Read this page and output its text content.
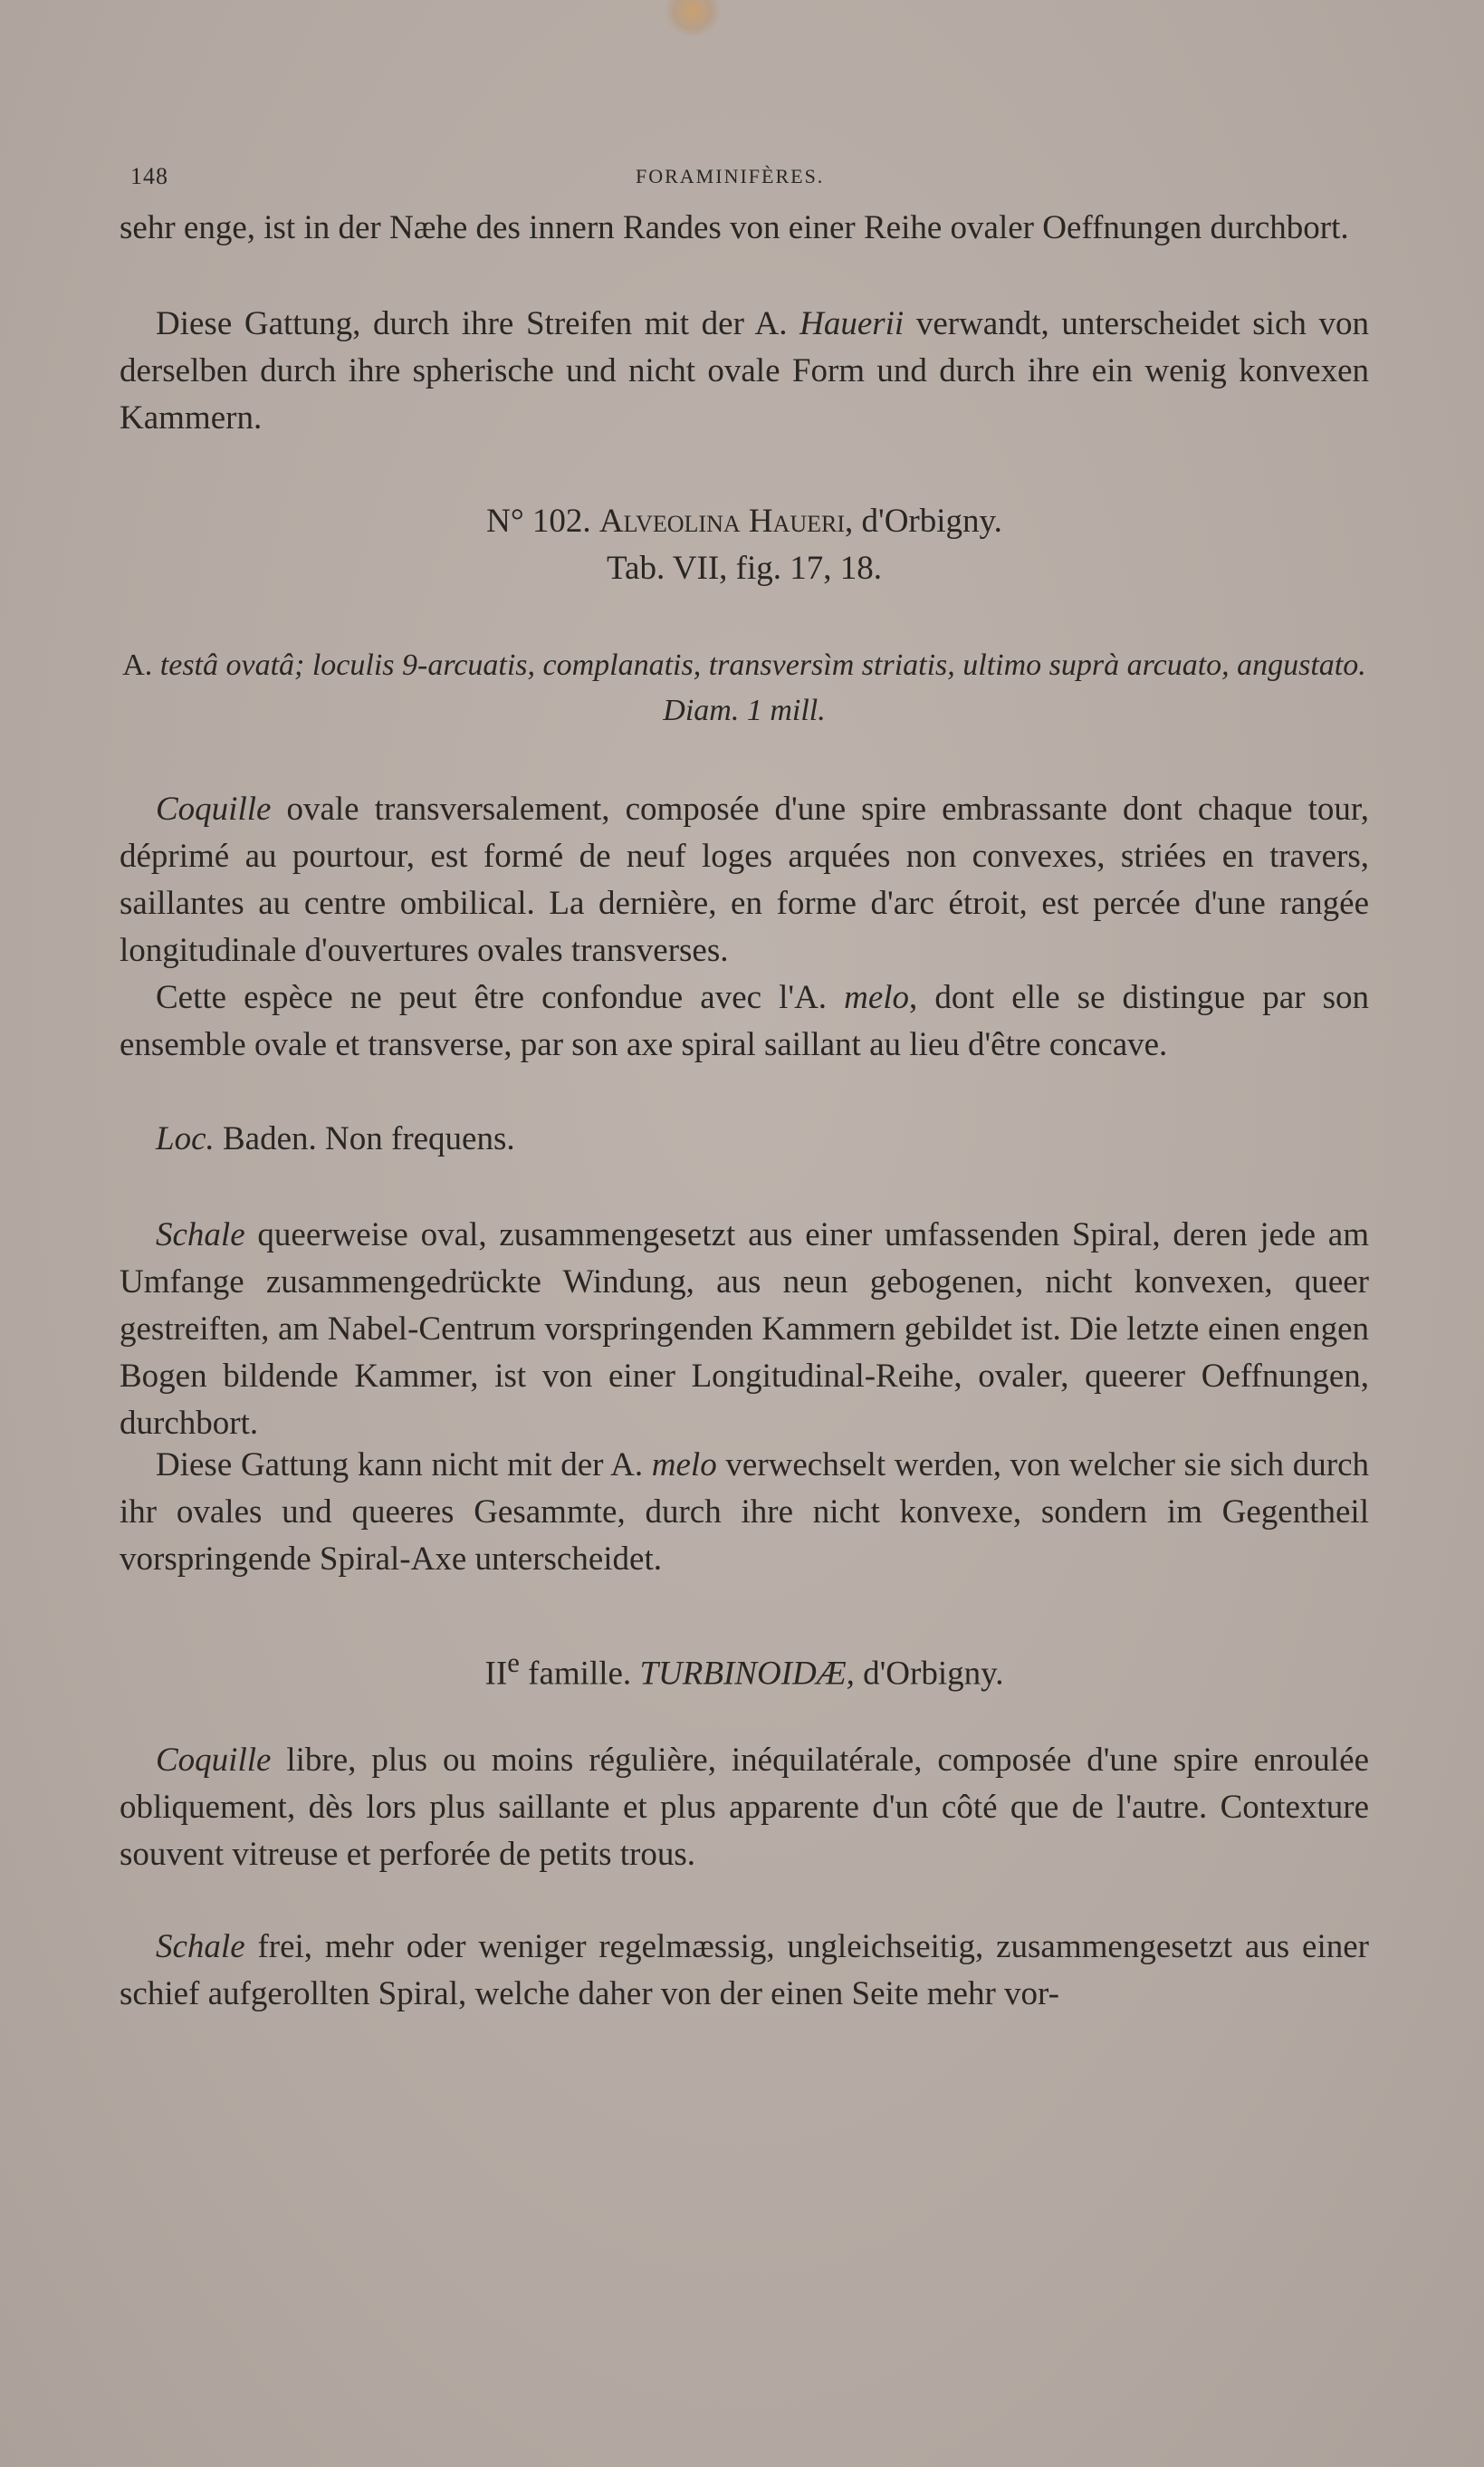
148	FORAMINIFÈRES.

sehr enge, ist in der Næhe des innern Randes von einer Reihe ovaler Oeffnungen durchbort.

Diese Gattung, durch ihre Streifen mit der A. Hauerii verwandt, unterscheidet sich von derselben durch ihre spherische und nicht ovale Form und durch ihre ein wenig konvexen Kammern.

N° 102. Alveolina Haueri, d'Orbigny.

Tab. VII, fig. 17, 18.

A. testâ ovatâ; loculis 9-arcuatis, complanatis, transversìm striatis, ultimo suprà arcuato, angustato. Diam. 1 mill.

Coquille ovale transversalement, composée d'une spire embrassante dont chaque tour, déprimé au pourtour, est formé de neuf loges arquées non convexes, striées en travers, saillantes au centre ombilical. La dernière, en forme d'arc étroit, est percée d'une rangée longitudinale d'ouvertures ovales transverses.

Cette espèce ne peut être confondue avec l'A. melo, dont elle se distingue par son ensemble ovale et transverse, par son axe spiral saillant au lieu d'être concave.

Loc. Baden. Non frequens.

Schale queerweise oval, zusammengesetzt aus einer umfassenden Spiral, deren jede am Umfange zusammengedrückte Windung, aus neun gebogenen, nicht konvexen, queer gestreiften, am Nabel-Centrum vorspringenden Kammern gebildet ist. Die letzte einen engen Bogen bildende Kammer, ist von einer Longitudinal-Reihe, ovaler, queerer Oeffnungen, durchbort.

Diese Gattung kann nicht mit der A. melo verwechselt werden, von welcher sie sich durch ihr ovales und queeres Gesammte, durch ihre nicht konvexe, sondern im Gegentheil vorspringende Spiral-Axe unterscheidet.

IIe famille. TURBINOIDÆ, d'Orbigny.

Coquille libre, plus ou moins régulière, inéquilatérale, composée d'une spire enroulée obliquement, dès lors plus saillante et plus apparente d'un côté que de l'autre. Contexture souvent vitreuse et perforée de petits trous.

Schale frei, mehr oder weniger regelmæssig, ungleichseitig, zusammengesetzt aus einer schief aufgerollten Spiral, welche daher von der einen Seite mehr vor-
